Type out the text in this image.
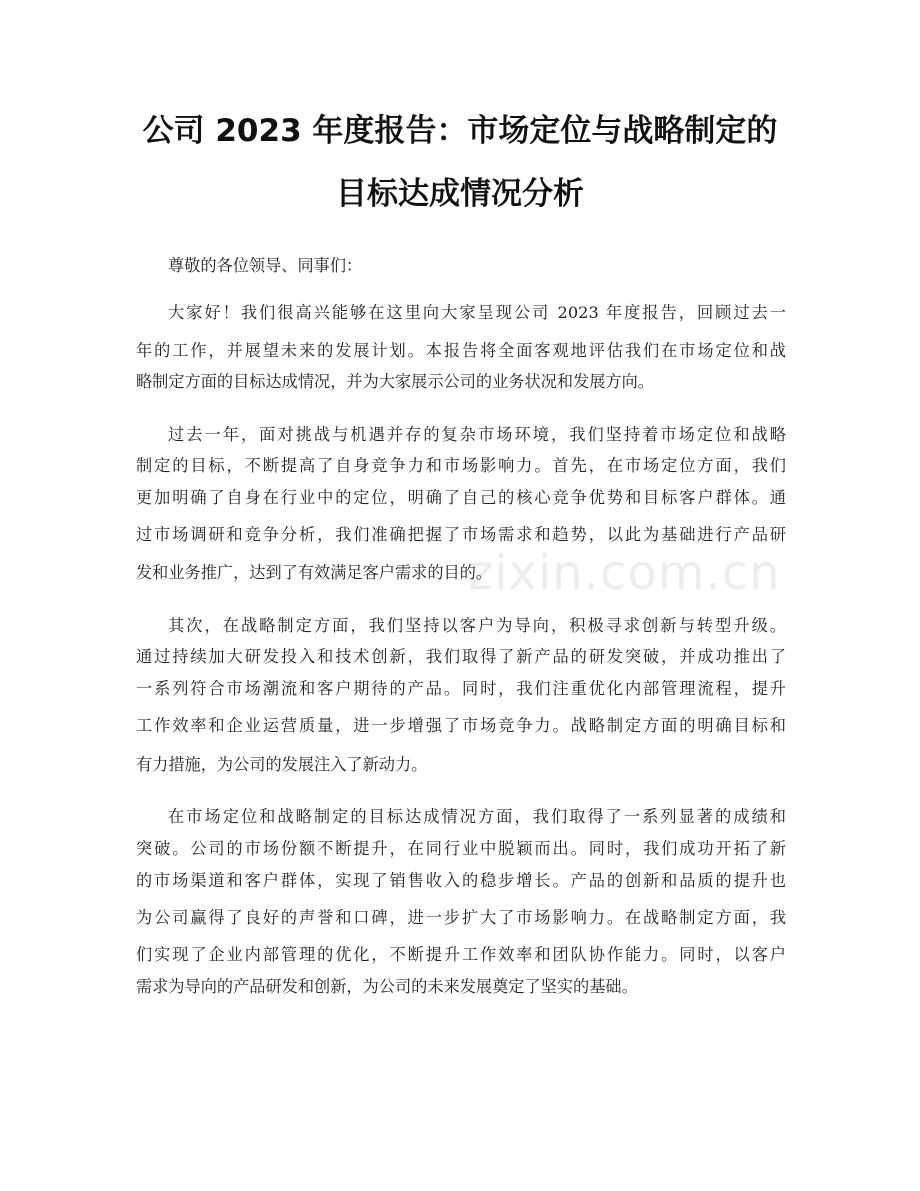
公司 2023 年度报告：市场定位与战略制定的
目标达成情况分析
zixin.com.cn
尊敬的各位领导、同事们：
大家好！我们很高兴能够在这里向大家呈现公司 2023 年度报告，回顾过去一
年的工作，并展望未来的发展计划。本报告将全面客观地评估我们在市场定位和战
略制定方面的目标达成情况，并为大家展示公司的业务状况和发展方向。
过去一年，面对挑战与机遇并存的复杂市场环境，我们坚持着市场定位和战略
制定的目标，不断提高了自身竞争力和市场影响力。首先，在市场定位方面，我们
更加明确了自身在行业中的定位，明确了自己的核心竞争优势和目标客户群体。通
过市场调研和竞争分析，我们准确把握了市场需求和趋势，以此为基础进行产品研
发和业务推广，达到了有效满足客户需求的目的。
其次，在战略制定方面，我们坚持以客户为导向，积极寻求创新与转型升级。
通过持续加大研发投入和技术创新，我们取得了新产品的研发突破，并成功推出了
一系列符合市场潮流和客户期待的产品。同时，我们注重优化内部管理流程，提升
工作效率和企业运营质量，进一步增强了市场竞争力。战略制定方面的明确目标和
有力措施，为公司的发展注入了新动力。
在市场定位和战略制定的目标达成情况方面，我们取得了一系列显著的成绩和
突破。公司的市场份额不断提升，在同行业中脱颖而出。同时，我们成功开拓了新
的市场渠道和客户群体，实现了销售收入的稳步增长。产品的创新和品质的提升也
为公司赢得了良好的声誉和口碑，进一步扩大了市场影响力。在战略制定方面，我
们实现了企业内部管理的优化，不断提升工作效率和团队协作能力。同时，以客户
需求为导向的产品研发和创新，为公司的未来发展奠定了坚实的基础。
